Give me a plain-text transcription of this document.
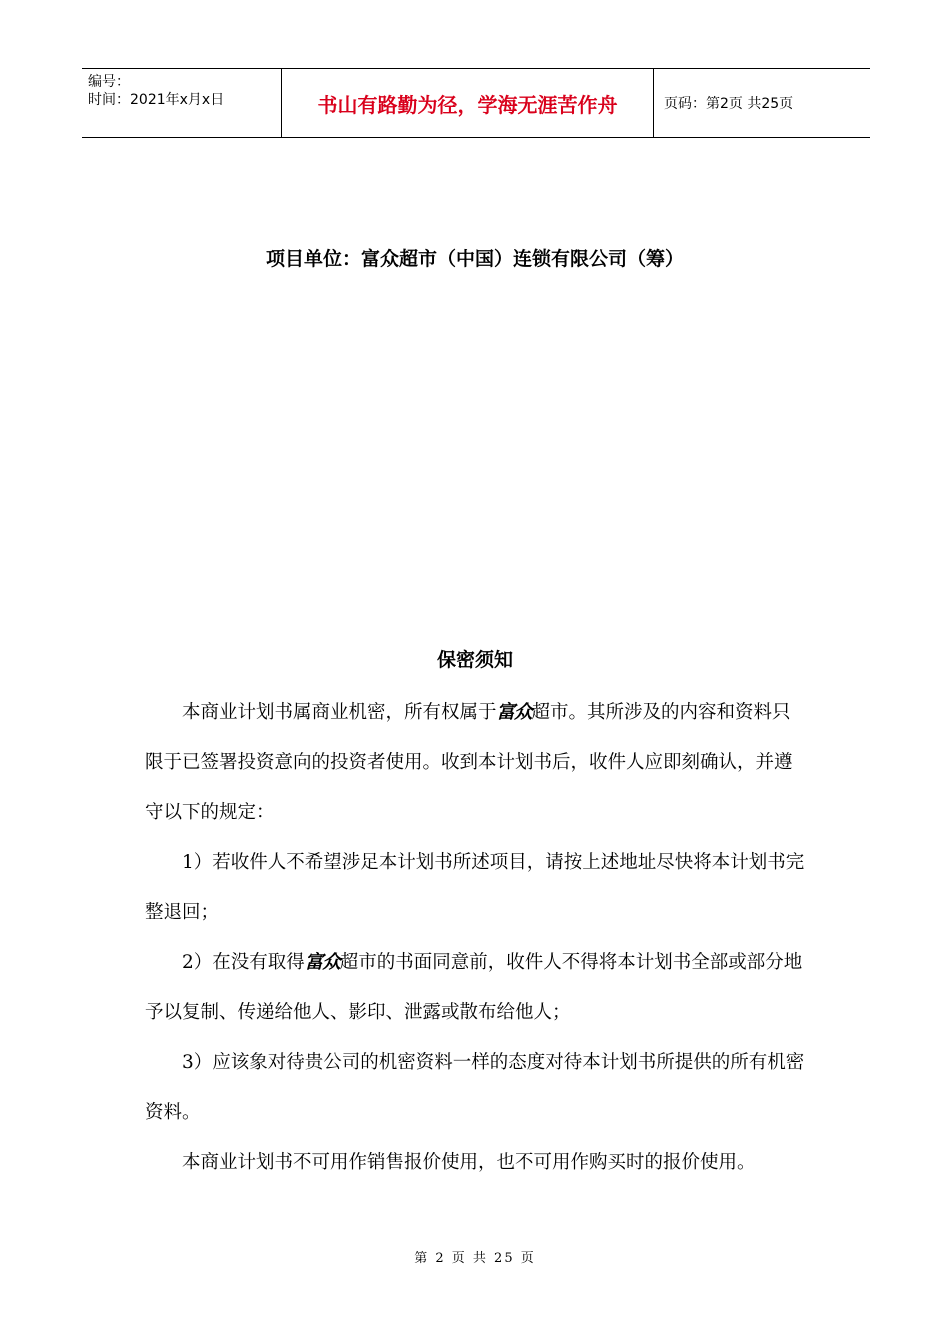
编号：
时间：2021年x月x日	书山有路勤为径，学海无涯苦作舟	页码：第2页 共25页
项目单位：富众超市（中国）连锁有限公司（筹）
保密须知

本商业计划书属商业机密，所有权属于富众超市。其所涉及的内容和资料只限于已签署投资意向的投资者使用。收到本计划书后，收件人应即刻确认，并遵守以下的规定：

1）若收件人不希望涉足本计划书所述项目，请按上述地址尽快将本计划书完整退回；

2）在没有取得富众超市的书面同意前，收件人不得将本计划书全部或部分地予以复制、传递给他人、影印、泄露或散布给他人；

3）应该象对待贵公司的机密资料一样的态度对待本计划书所提供的所有机密资料。

本商业计划书不可用作销售报价使用，也不可用作购买时的报价使用。

第 2 页 共 25 页
